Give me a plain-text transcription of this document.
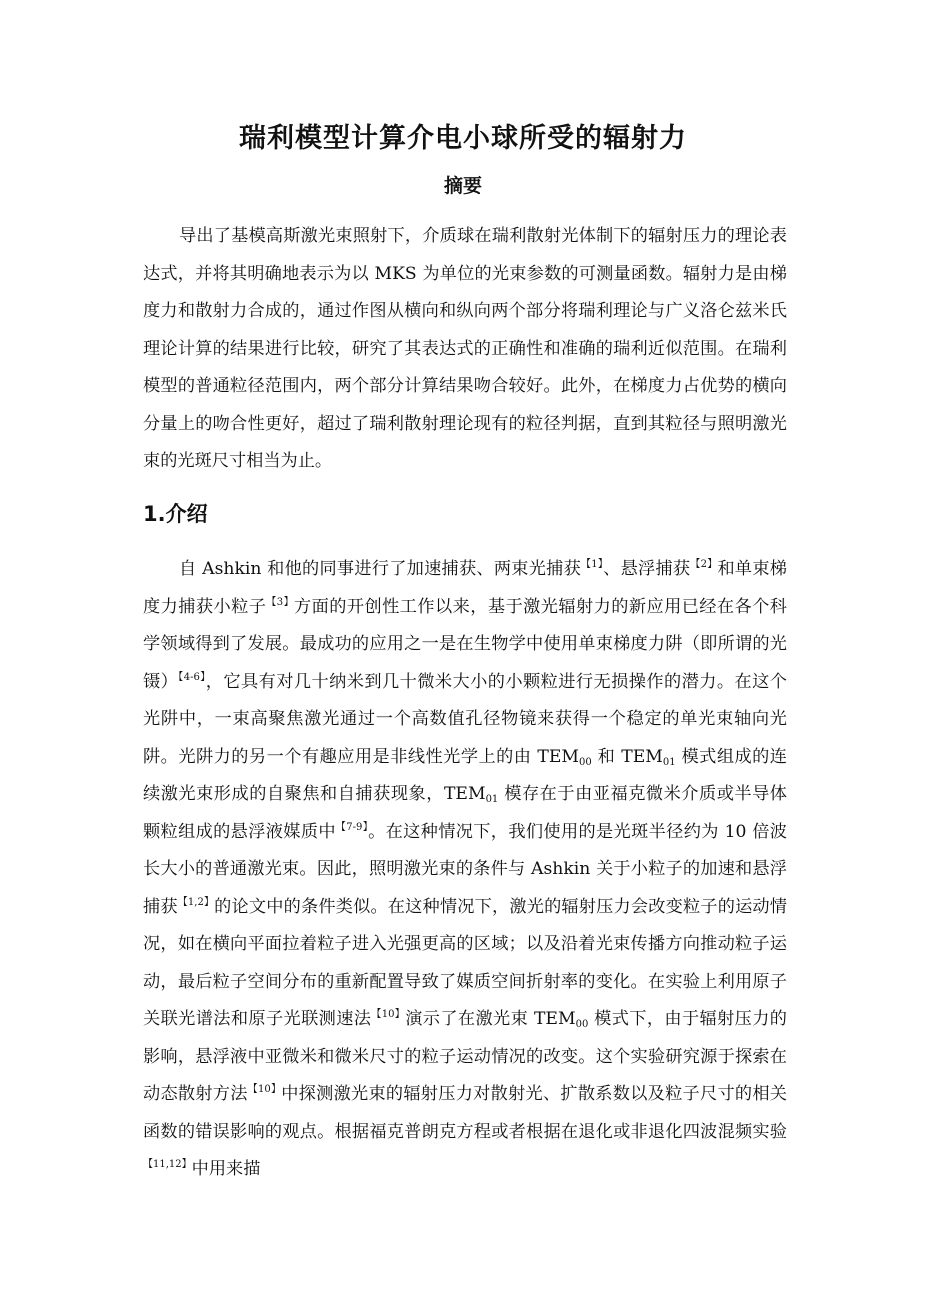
瑞利模型计算介电小球所受的辐射力
摘要

导出了基模高斯激光束照射下，介质球在瑞利散射光体制下的辐射压力的理论表达式，并将其明确地表示为以 MKS 为单位的光束参数的可测量函数。辐射力是由梯度力和散射力合成的，通过作图从横向和纵向两个部分将瑞利理论与广义洛仑兹米氏理论计算的结果进行比较，研究了其表达式的正确性和准确的瑞利近似范围。在瑞利模型的普通粒径范围内，两个部分计算结果吻合较好。此外，在梯度力占优势的横向分量上的吻合性更好，超过了瑞利散射理论现有的粒径判据，直到其粒径与照明激光束的光斑尺寸相当为止。

1.介绍

自 Ashkin 和他的同事进行了加速捕获、两束光捕获$^{【1】}$、悬浮捕获$^{【2】}$和单束梯度力捕获小粒子$^{【3】}$方面的开创性工作以来，基于激光辐射力的新应用已经在各个科学领域得到了发展。最成功的应用之一是在生物学中使用单束梯度力阱（即所谓的光镊）$^{【4-6】}$，它具有对几十纳米到几十微米大小的小颗粒进行无损操作的潜力。在这个光阱中，一束高聚焦激光通过一个高数值孔径物镜来获得一个稳定的单光束轴向光阱。光阱力的另一个有趣应用是非线性光学上的由 $TEM_{00}$ 和 $TEM_{01}$ 模式组成的连续激光束形成的自聚焦和自捕获现象，$TEM_{01}$ 模存在于由亚福克微米介质或半导体颗粒组成的悬浮液媒质中$^{【7-9】}$。在这种情况下，我们使用的是光斑半径约为 10 倍波长大小的普通激光束。因此，照明激光束的条件与 Ashkin 关于小粒子的加速和悬浮捕获$^{【1,2】}$的论文中的条件类似。在这种情况下，激光的辐射压力会改变粒子的运动情况，如在横向平面拉着粒子进入光强更高的区域；以及沿着光束传播方向推动粒子运动，最后粒子空间分布的重新配置导致了媒质空间折射率的变化。在实验上利用原子关联光谱法和原子光联测速法$^{【10】}$演示了在激光束 $TEM_{00}$ 模式下，由于辐射压力的影响，悬浮液中亚微米和微米尺寸的粒子运动情况的改变。这个实验研究源于探索在动态散射方法$^{【10】}$中探测激光束的辐射压力对散射光、扩散系数以及粒子尺寸的相关函数的错误影响的观点。根据福克普朗克方程或者根据在退化或非退化四波混频实验$^{【11,12】}$中用来描
